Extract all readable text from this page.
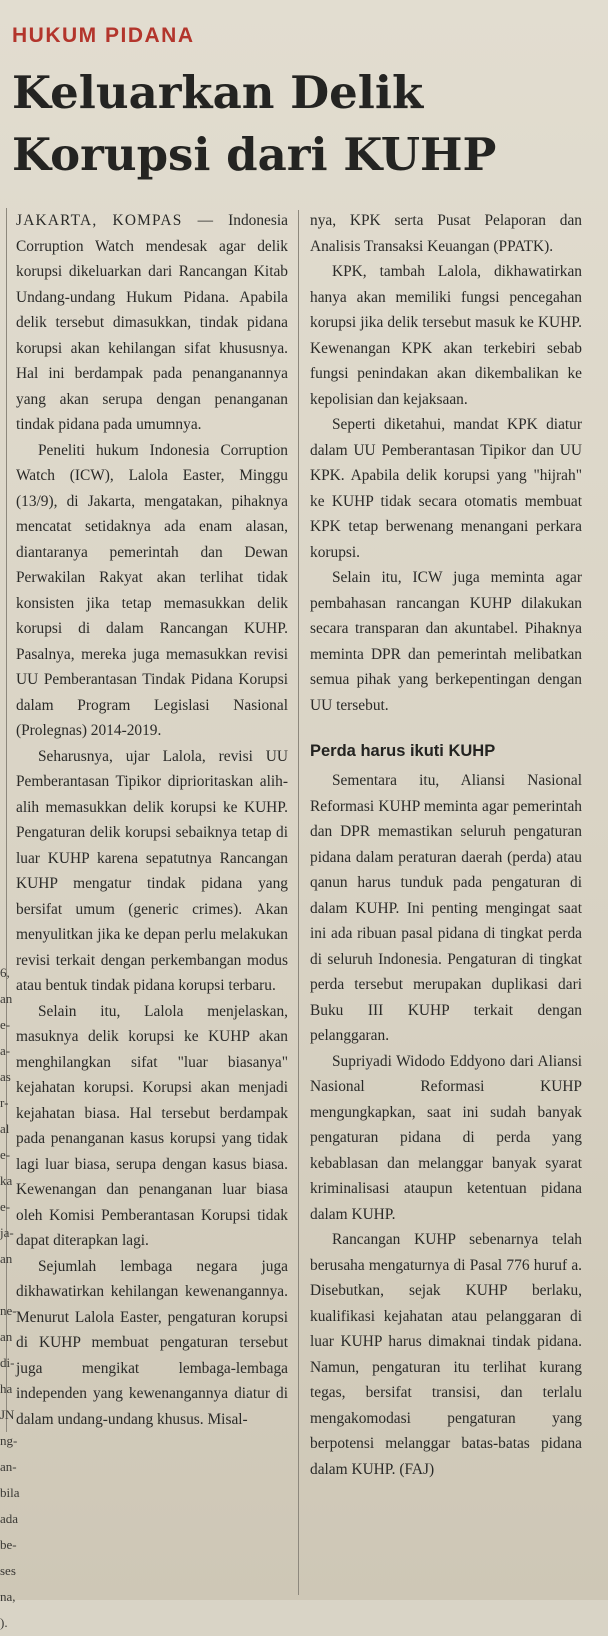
HUKUM PIDANA
Keluarkan Delik Korupsi dari KUHP

JAKARTA, KOMPAS — Indonesia Corruption Watch mendesak agar delik korupsi dikeluarkan dari Rancangan Kitab Undang-undang Hukum Pidana. Apabila delik tersebut dimasukkan, tindak pidana korupsi akan kehilangan sifat khususnya. Hal ini berdampak pada penanganannya yang akan serupa dengan penanganan tindak pidana pada umumnya.

Peneliti hukum Indonesia Corruption Watch (ICW), Lalola Easter, Minggu (13/9), di Jakarta, mengatakan, pihaknya mencatat setidaknya ada enam alasan, diantaranya pemerintah dan Dewan Perwakilan Rakyat akan terlihat tidak konsisten jika tetap memasukkan delik korupsi di dalam Rancangan KUHP. Pasalnya, mereka juga memasukkan revisi UU Pemberantasan Tindak Pidana Korupsi dalam Program Legislasi Nasional (Prolegnas) 2014-2019.

Seharusnya, ujar Lalola, revisi UU Pemberantasan Tipikor diprioritaskan alih-alih memasukkan delik korupsi ke KUHP. Pengaturan delik korupsi sebaiknya tetap di luar KUHP karena sepatutnya Rancangan KUHP mengatur tindak pidana yang bersifat umum (generic crimes). Akan menyulitkan jika ke depan perlu melakukan revisi terkait dengan perkembangan modus atau bentuk tindak pidana korupsi terbaru.

Selain itu, Lalola menjelaskan, masuknya delik korupsi ke KUHP akan menghilangkan sifat "luar biasanya" kejahatan korupsi. Korupsi akan menjadi kejahatan biasa. Hal tersebut berdampak pada penanganan kasus korupsi yang tidak lagi luar biasa, serupa dengan kasus biasa. Kewenangan dan penanganan luar biasa oleh Komisi Pemberantasan Korupsi tidak dapat diterapkan lagi.

Sejumlah lembaga negara juga dikhawatirkan kehilangan kewenangannya. Menurut Lalola Easter, pengaturan korupsi di KUHP membuat pengaturan tersebut juga mengikat lembaga-lembaga independen yang kewenangannya diatur di dalam undang-undang khusus. Misal-

nya, KPK serta Pusat Pelaporan dan Analisis Transaksi Keuangan (PPATK).

KPK, tambah Lalola, dikhawatirkan hanya akan memiliki fungsi pencegahan korupsi jika delik tersebut masuk ke KUHP. Kewenangan KPK akan terkebiri sebab fungsi penindakan akan dikembalikan ke kepolisian dan kejaksaan.

Seperti diketahui, mandat KPK diatur dalam UU Pemberantasan Tipikor dan UU KPK. Apabila delik korupsi yang "hijrah" ke KUHP tidak secara otomatis membuat KPK tetap berwenang menangani perkara korupsi.

Selain itu, ICW juga meminta agar pembahasan rancangan KUHP dilakukan secara transparan dan akuntabel. Pihaknya meminta DPR dan pemerintah melibatkan semua pihak yang berkepentingan dengan UU tersebut.

Perda harus ikuti KUHP

Sementara itu, Aliansi Nasional Reformasi KUHP meminta agar pemerintah dan DPR memastikan seluruh pengaturan pidana dalam peraturan daerah (perda) atau qanun harus tunduk pada pengaturan di dalam KUHP. Ini penting mengingat saat ini ada ribuan pasal pidana di tingkat perda di seluruh Indonesia. Pengaturan di tingkat perda tersebut merupakan duplikasi dari Buku III KUHP terkait dengan pelanggaran.

Supriyadi Widodo Eddyono dari Aliansi Nasional Reformasi KUHP mengungkapkan, saat ini sudah banyak pengaturan pidana di perda yang kebablasan dan melanggar banyak syarat kriminalisasi ataupun ketentuan pidana dalam KUHP.

Rancangan KUHP sebenarnya telah berusaha mengaturnya di Pasal 776 huruf a. Disebutkan, sejak KUHP berlaku, kualifikasi kejahatan atau pelanggaran di luar KUHP harus dimaknai tindak pidana. Namun, pengaturan itu terlihat kurang tegas, bersifat transisi, dan terlalu mengakomodasi pengaturan yang berpotensi melanggar batas-batas pidana dalam KUHP. (FAJ)

6,
an
e-
a-
as
r-
al
e-
ka
e-
ja-
an
ne-
an
di-
ha
JN
ng-
an-
bila
ada
be-
ses
na,
).
